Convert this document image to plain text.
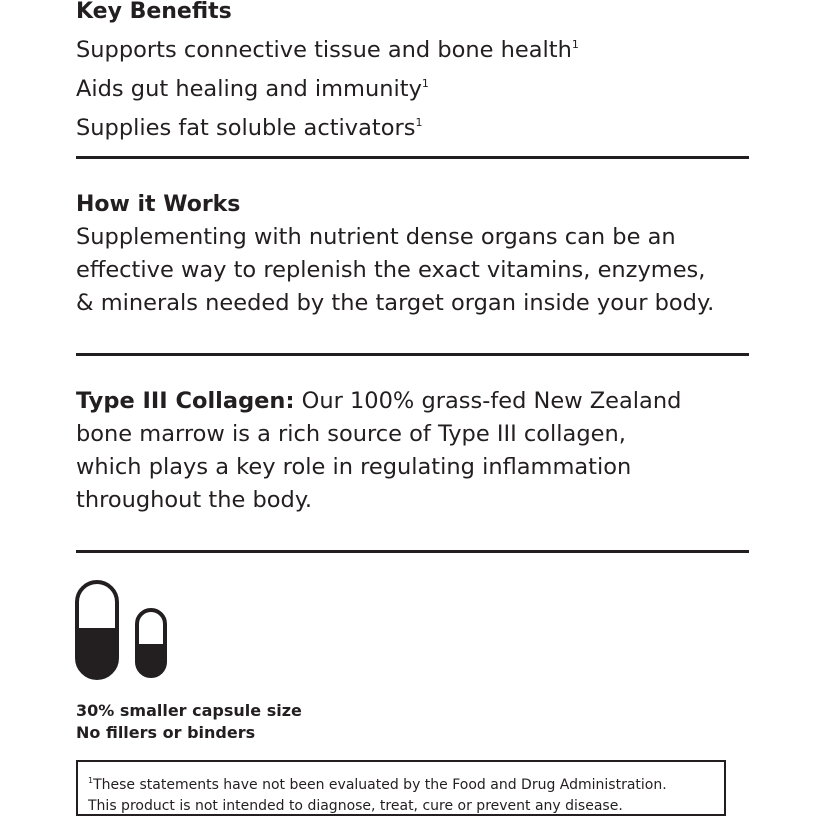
Key Benefits

Supports connective tissue and bone health$^1$

Aids gut healing and immunity$^1$

Supplies fat soluble activators$^1$

How it Works

Supplementing with nutrient dense organs can be an

effective way to replenish the exact vitamins, enzymes,

& minerals needed by the target organ inside your body.

Type III Collagen: Our 100% grass-fed New Zealand

bone marrow is a rich source of Type III collagen,

which plays a key role in regulating inflammation

throughout the body.

30% smaller capsule size

No fillers or binders

$^1$These statements have not been evaluated by the Food and Drug Administration.

This product is not intended to diagnose, treat, cure or prevent any disease.
